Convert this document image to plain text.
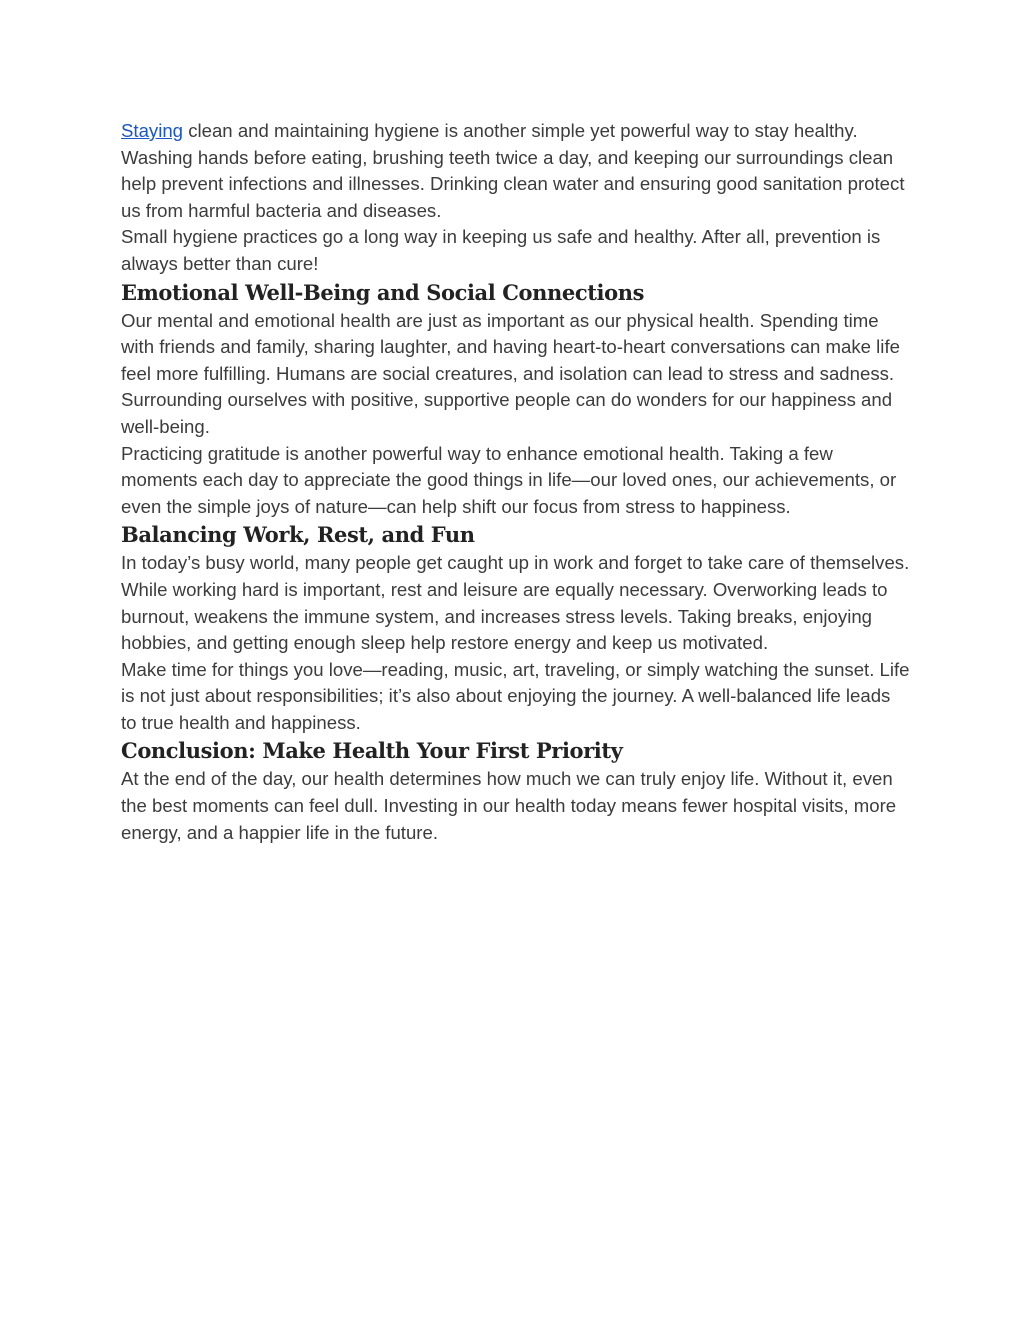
Staying clean and maintaining hygiene is another simple yet powerful way to stay healthy. Washing hands before eating, brushing teeth twice a day, and keeping our surroundings clean help prevent infections and illnesses. Drinking clean water and ensuring good sanitation protect us from harmful bacteria and diseases.

Small hygiene practices go a long way in keeping us safe and healthy. After all, prevention is always better than cure!

Emotional Well-Being and Social Connections

Our mental and emotional health are just as important as our physical health. Spending time with friends and family, sharing laughter, and having heart-to-heart conversations can make life feel more fulfilling. Humans are social creatures, and isolation can lead to stress and sadness. Surrounding ourselves with positive, supportive people can do wonders for our happiness and well-being.

Practicing gratitude is another powerful way to enhance emotional health. Taking a few moments each day to appreciate the good things in life—our loved ones, our achievements, or even the simple joys of nature—can help shift our focus from stress to happiness.

Balancing Work, Rest, and Fun

In today’s busy world, many people get caught up in work and forget to take care of themselves. While working hard is important, rest and leisure are equally necessary. Overworking leads to burnout, weakens the immune system, and increases stress levels. Taking breaks, enjoying hobbies, and getting enough sleep help restore energy and keep us motivated.

Make time for things you love—reading, music, art, traveling, or simply watching the sunset. Life is not just about responsibilities; it’s also about enjoying the journey. A well-balanced life leads to true health and happiness.

Conclusion: Make Health Your First Priority

At the end of the day, our health determines how much we can truly enjoy life. Without it, even the best moments can feel dull. Investing in our health today means fewer hospital visits, more energy, and a happier life in the future.
